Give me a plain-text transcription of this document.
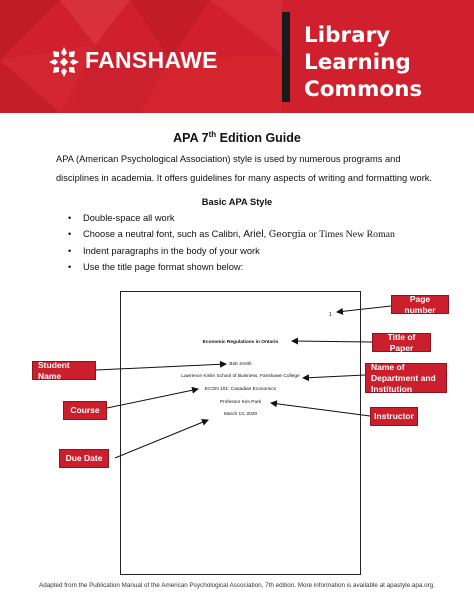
FANSHAWE
Library
Learning
Commons
APA 7th Edition Guide

APA (American Psychological Association) style is used by numerous programs and disciplines in academia. It offers guidelines for many aspects of writing and formatting work.

Basic APA Style
• Double-space all work
• Choose a neutral font, such as Calibri, Ariel, Georgia or Times New Roman
• Indent paragraphs in the body of your work
• Use the title page format shown below:
1
Economic Regulations in Ontario
Bob Smith
Lawrence Kinlin School of Business, Fanshawe College
ECON 101: Canadian Economics
Professor Kim Park
March 13, 2020
Page number
Title of Paper
Student Name
Name of Department and Institution
Course
Instructor
Due Date
Adapted from the Publication Manual of the American Psychological Association, 7th edition. More information is available at apastyle.apa.org.
